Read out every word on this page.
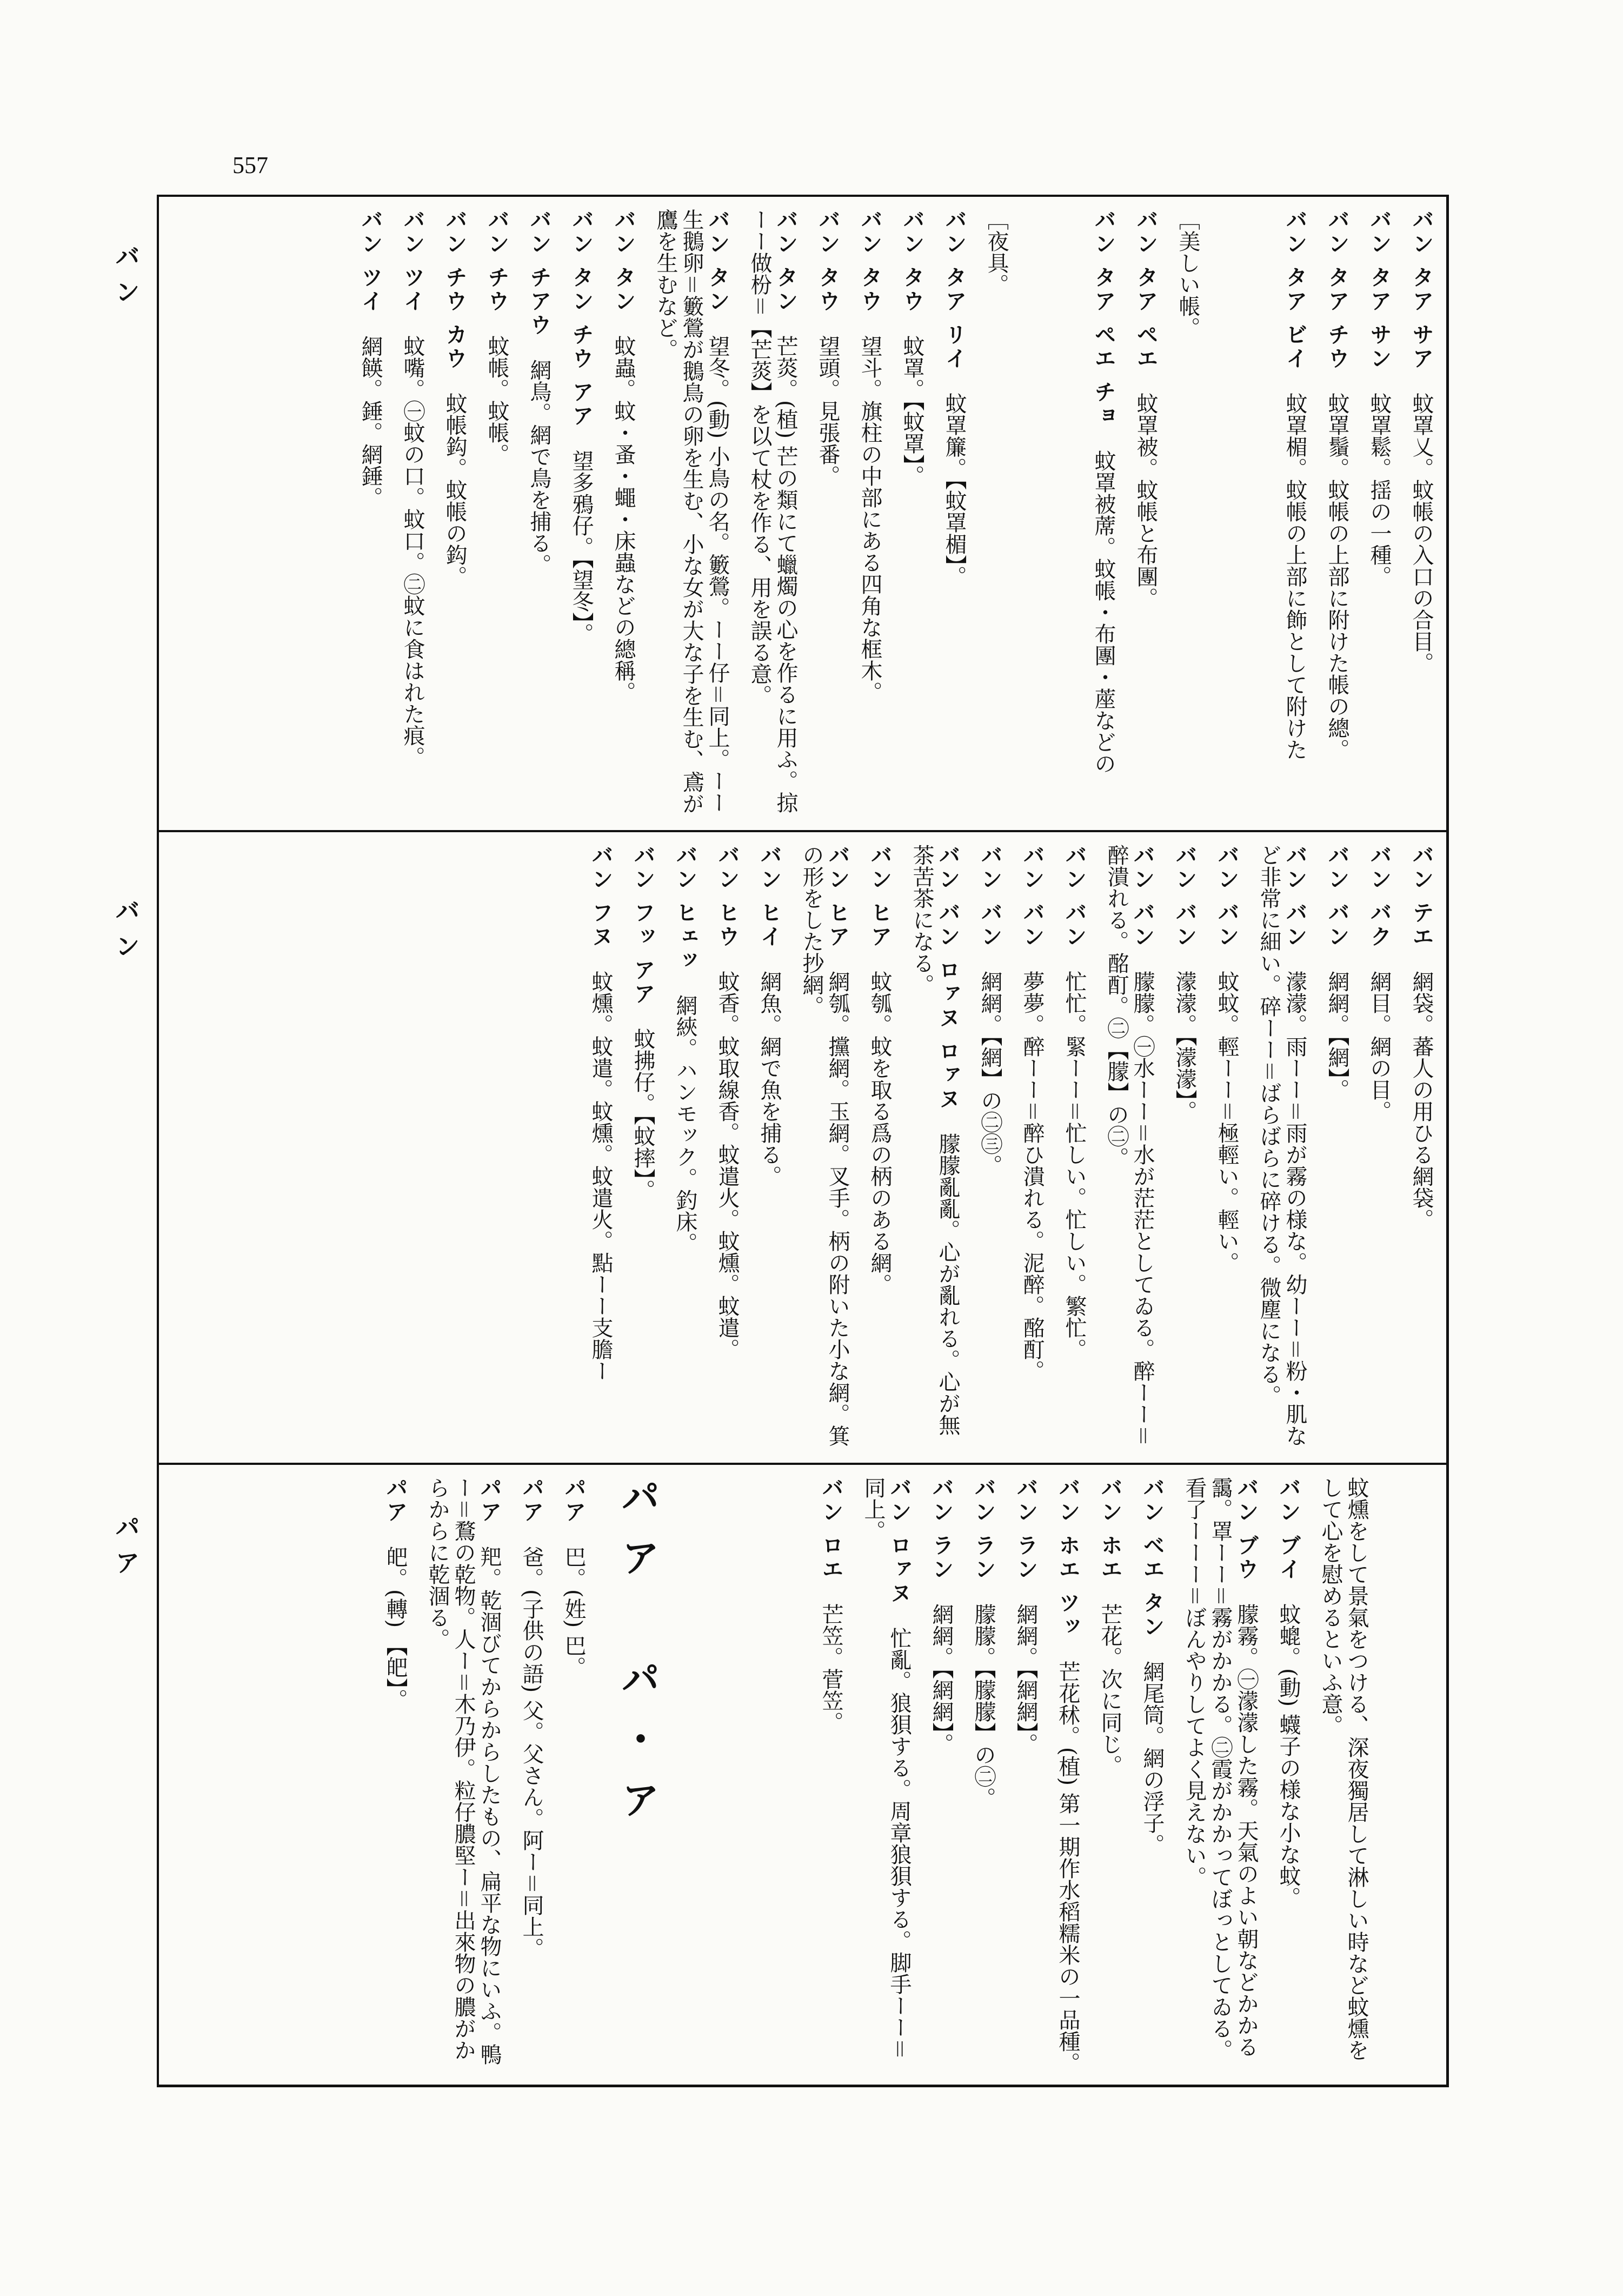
557
バン
バン
パア
バン タア サア　蚊罩乂。蚊帳の入口の合目。
バン タア サン　蚊罩鬆。揺の一種。
バン タア チウ　蚊罩鬚。蚊帳の上部に附けた帳の總。
バン タア ビイ　蚊罩楣。蚊帳の上部に飾として附けた
［美しい帳。
バン タア ペエ　蚊罩被。蚊帳と布團。
バン タア ペエ チョ　蚊罩被蓆。蚊帳・布團・蓙などの
［夜具。
バン タア リイ　蚊罩簾。【蚊罩楣】。
バン タウ　蚊罩。【蚊罩】。
バン タウ　望斗。旗柱の中部にある四角な框木。
バン タウ　望頭。見張番。
バン タン　芒菼。(植) 芒の類にて蠟燭の心を作るに用ふ。掠ーー做枌＝【芒菼】を以て杖を作る、用を誤る意。
バン タン　望冬。(動) 小鳥の名。籔鶯。ーー仔＝同上。ーー生鵝卵＝籔鶯が鵝鳥の卵を生む、小な女が大な子を生む、鳶が鷹を生むなど。
バン タン　蚊蟲。蚊・蚤・蠅・床蟲などの總稱。
バン タン チウ アア　望多鴉仔。【望冬】。
バン チアウ　網鳥。網で鳥を捕る。
バン チウ　蚊帳。蚊帳。
バン チウ カウ　蚊帳鈎。蚊帳の鈎。
バン ツイ　蚊嘴。㊀蚊の口。蚊口。㊁蚊に食はれた痕。
バン ツイ　網䭊。錘。網錘。
バン テエ　網袋。蕃人の用ひる網袋。
バン バク　網目。網の目。
バン バン　網網。【網】。
バン バン　濛濛。雨ーー＝雨が霧の様な。幼ーー＝粉・肌など非常に細い。碎ーー＝ばらばらに碎ける。微塵になる。
バン バン　蚊蚊。輕ーー＝極輕い。輕い。
バン バン　濛濛。【濛濛】。
バン バン　朦朦。㊀水ーー＝水が茫茫としてゐる。醉ーー＝醉潰れる。酩酊。㊁【朦】の㊁。
バン バン　忙忙。緊ーー＝忙しい。忙しい。繁忙。
バン バン　夢夢。醉ーー＝醉ひ潰れる。泥醉。酩酊。
バン バン　網網。【網】の㊁㊂。
バン バン ロァヌ ロァヌ　朦朦亂亂。心が亂れる。心が無茶苦茶になる。
バン ヒア　蚊瓠。蚊を取る爲の柄のある網。
バン ヒア　網瓠。攩網。玉網。叉手。柄の附いた小な網。箕の形をした抄網。
バン ヒイ　網魚。網で魚を捕る。
バン ヒウ　蚊香。蚊取線香。蚊遣火。蚊燻。蚊遣。
バン ヒェッ　網綊。ハンモック。釣床。
バン フッ アア　蚊拂仔。【蚊摔】。
バン フヌ　蚊燻。蚊遣。蚊燻。蚊遣火。點ーー支膽ー
蚊燻をして景氣をつける、深夜獨居して淋しい時など蚊燻をして心を慰めるといふ意。
バン ブイ　蚊螕。(動) 蠛子の様な小な蚊。
バン ブウ　朦霧。㊀濛濛した霧。天氣のよい朝などかかる靄。罩ーー＝霧がかかる。㊁霞がかかってぼっとしてゐる。看了ーーー＝ぼんやりしてよく見えない。
バン ベエ タン　網尾筒。網の浮子。
バン ホエ　芒花。次に同じ。
バン ホエ ツッ　芒花秫。(植) 第一期作水稻糯米の一品種。
バン ラン　網網。【網網】。
バン ラン　朦朦。【朦朦】の㊁。
バン ラン　網網。【網網】。
バン ロァヌ　忙亂。狼狽する。周章狼狽する。脚手ーー＝同上。
バン ロエ　芒笠。菅笠。
パア　パ・ア
パア　巴。(姓) 巴。
パア　爸。(子供の語) 父。父さん。阿ー＝同上。
パア　羓。乾涸びてからからしたもの、扁平な物にいふ。鴨ー＝鶩の乾物。人ー＝木乃伊。粒仔膿堅ー＝出來物の膿がからからに乾涸る。
パア　皅。(轉) 【皅】。
